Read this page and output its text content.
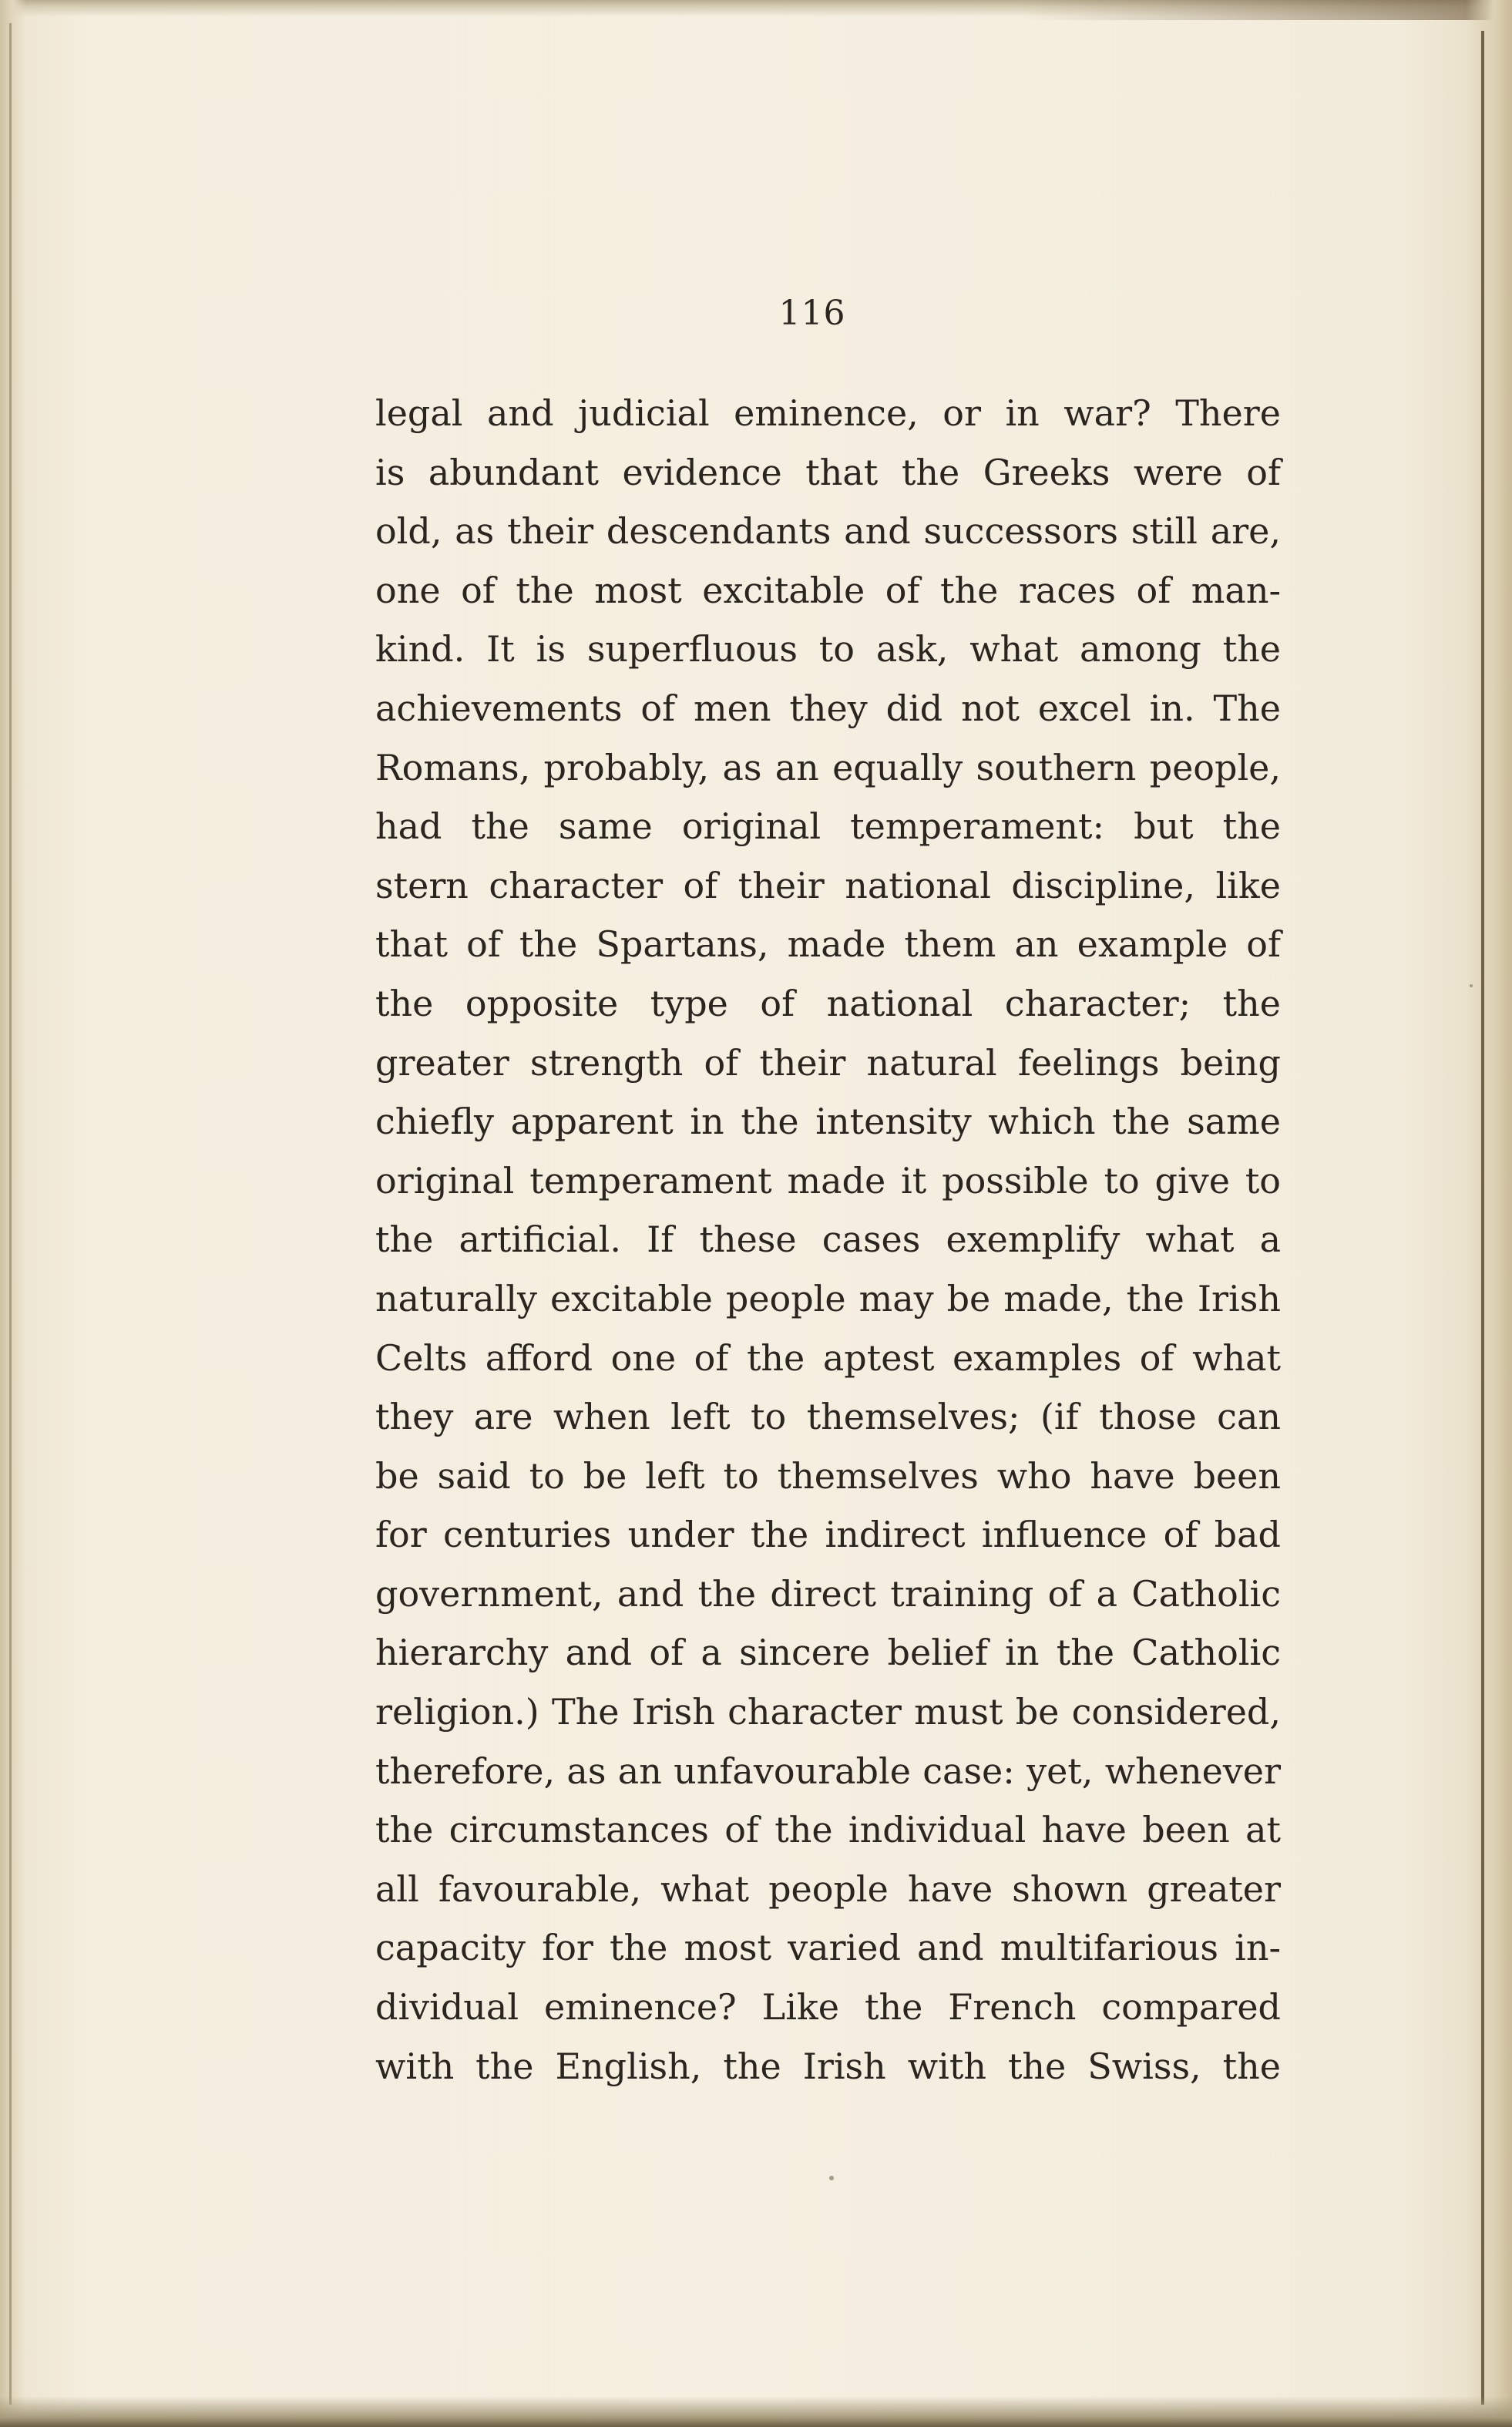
116
legal and judicial eminence, or in war? There
is abundant evidence that the Greeks were of
old, as their descendants and successors still are,
one of the most excitable of the races of man-
kind. It is superfluous to ask, what among the
achievements of men they did not excel in. The
Romans, probably, as an equally southern people,
had the same original temperament: but the
stern character of their national discipline, like
that of the Spartans, made them an example of
the opposite type of national character; the
greater strength of their natural feelings being
chiefly apparent in the intensity which the same
original temperament made it possible to give to
the artificial. If these cases exemplify what a
naturally excitable people may be made, the Irish
Celts afford one of the aptest examples of what
they are when left to themselves; (if those can
be said to be left to themselves who have been
for centuries under the indirect influence of bad
government, and the direct training of a Catholic
hierarchy and of a sincere belief in the Catholic
religion.) The Irish character must be considered,
therefore, as an unfavourable case: yet, whenever
the circumstances of the individual have been at
all favourable, what people have shown greater
capacity for the most varied and multifarious in-
dividual eminence? Like the French compared
with the English, the Irish with the Swiss, the
